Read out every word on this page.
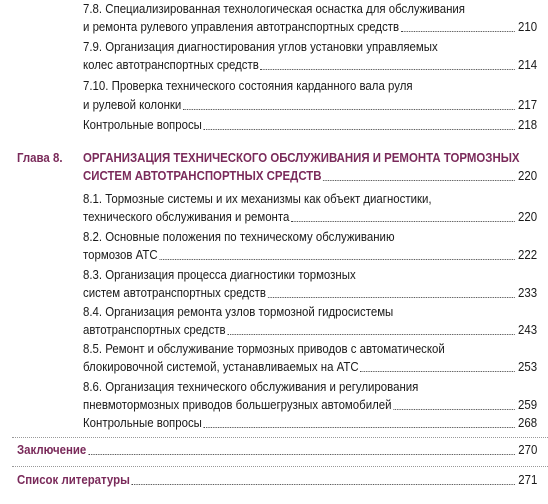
7.8. Специализированная технологическая оснастка для обслуживания
и ремонта рулевого управления автотранспортных средств	210
7.9. Организация диагностирования углов установки управляемых
колес автотранспортных средств	214
7.10. Проверка технического состояния карданного вала руля
и рулевой колонки	217
Контрольные вопросы	218
Глава 8. ОРГАНИЗАЦИЯ ТЕХНИЧЕСКОГО ОБСЛУЖИВАНИЯ И РЕМОНТА ТОРМОЗНЫХ
СИСТЕМ АВТОТРАНСПОРТНЫХ СРЕДСТВ	220
8.1. Тормозные системы и их механизмы как объект диагностики,
технического обслуживания и ремонта	220
8.2. Основные положения по техническому обслуживанию
тормозов АТС	222
8.3. Организация процесса диагностики тормозных
систем автотранспортных средств	233
8.4. Организация ремонта узлов тормозной гидросистемы
автотранспортных средств	243
8.5. Ремонт и обслуживание тормозных приводов с автоматической
блокировочной системой, устанавливаемых на АТС	253
8.6. Организация технического обслуживания и регулирования
пневмотормозных приводов большегрузных автомобилей	259
Контрольные вопросы	268
Заключение	270
Список литературы	271
